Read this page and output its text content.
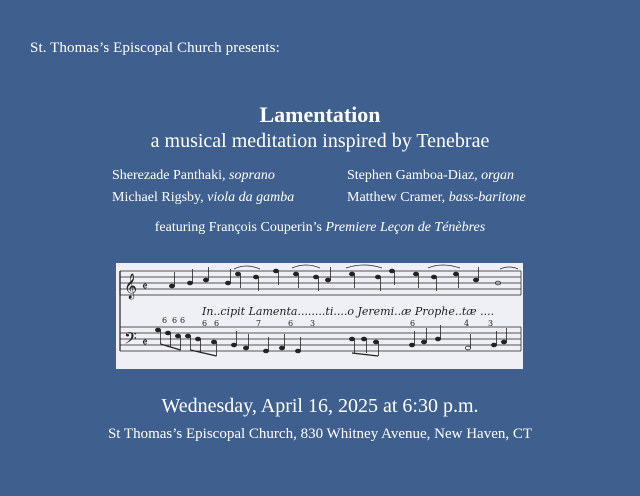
St. Thomas’s Episcopal Church presents:
Lamentation
a musical meditation inspired by Tenebrae
Sherezade Panthaki, soprano	Stephen Gamboa-Diaz, organ
Michael Rigsby, viola da gamba	Matthew Cramer, bass-baritone
featuring François Couperin’s Premiere Leçon de Ténèbres
𝄞
𝄢
𝄵
𝄵
In..cipit Lamenta........ti....o Jeremi..æ Prophe..tæ ....
6 6 6 6 6	7	6 3	6	4 3
Wednesday, April 16, 2025 at 6:30 p.m.
St Thomas’s Episcopal Church, 830 Whitney Avenue, New Haven, CT
